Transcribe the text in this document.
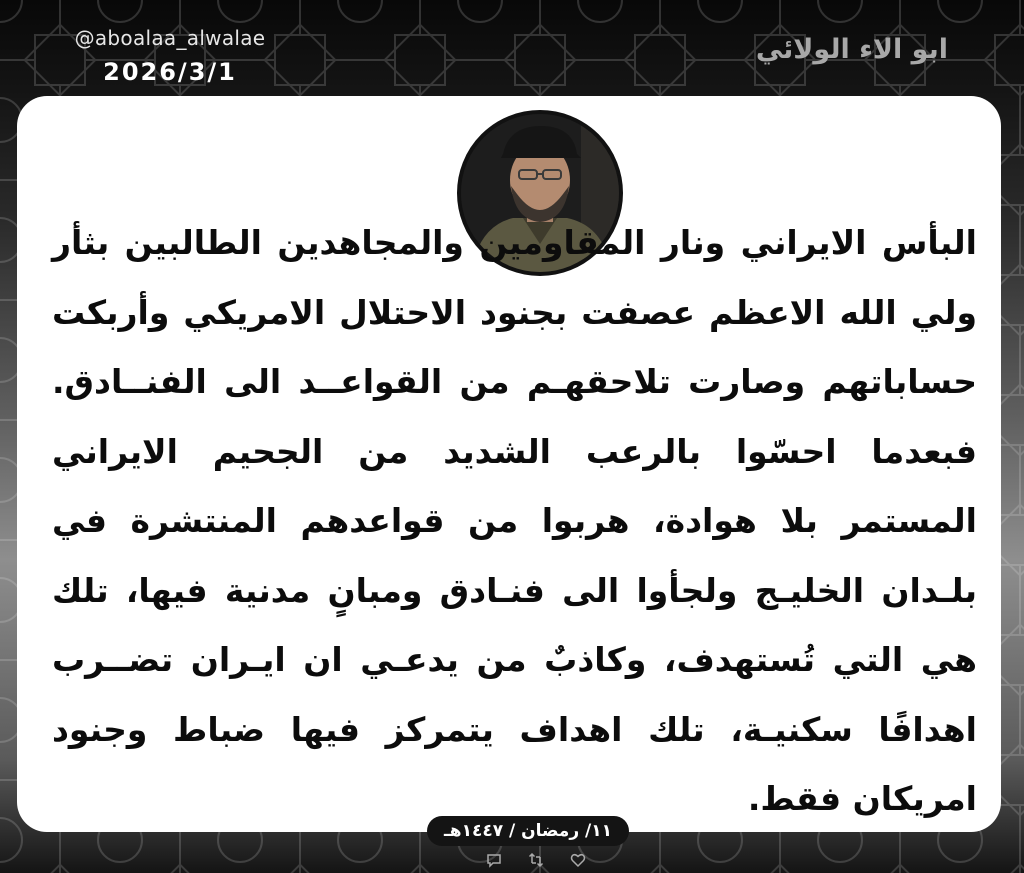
@aboalaa_alwalae
2026/3/1
ابو الاء الولائي
البأس الايراني ونار المقاومين والمجاهدين الطالبين بثأر ولي الله الاعظم عصفت بجنود الاحتلال الامريكي وأربكت حساباتهم وصارت تلاحقهـم من القواعــد الى الفنــادق. فبعدما احسّوا بالرعب الشديد من الجحيم الايراني المستمر بلا هوادة، هربوا من قواعدهم المنتشرة في بلـدان الخليـج ولجأوا الى فنـادق ومبانٍ مدنية فيها، تلك هي التي تُستهدف، وكاذبٌ من يدعـي ان ايـران تضــرب اهدافًا سكنيـة، تلك اهداف يتمركز فيها ضباط وجنود امريكان فقط.
١١/ رمضان / ١٤٤٧هـ
